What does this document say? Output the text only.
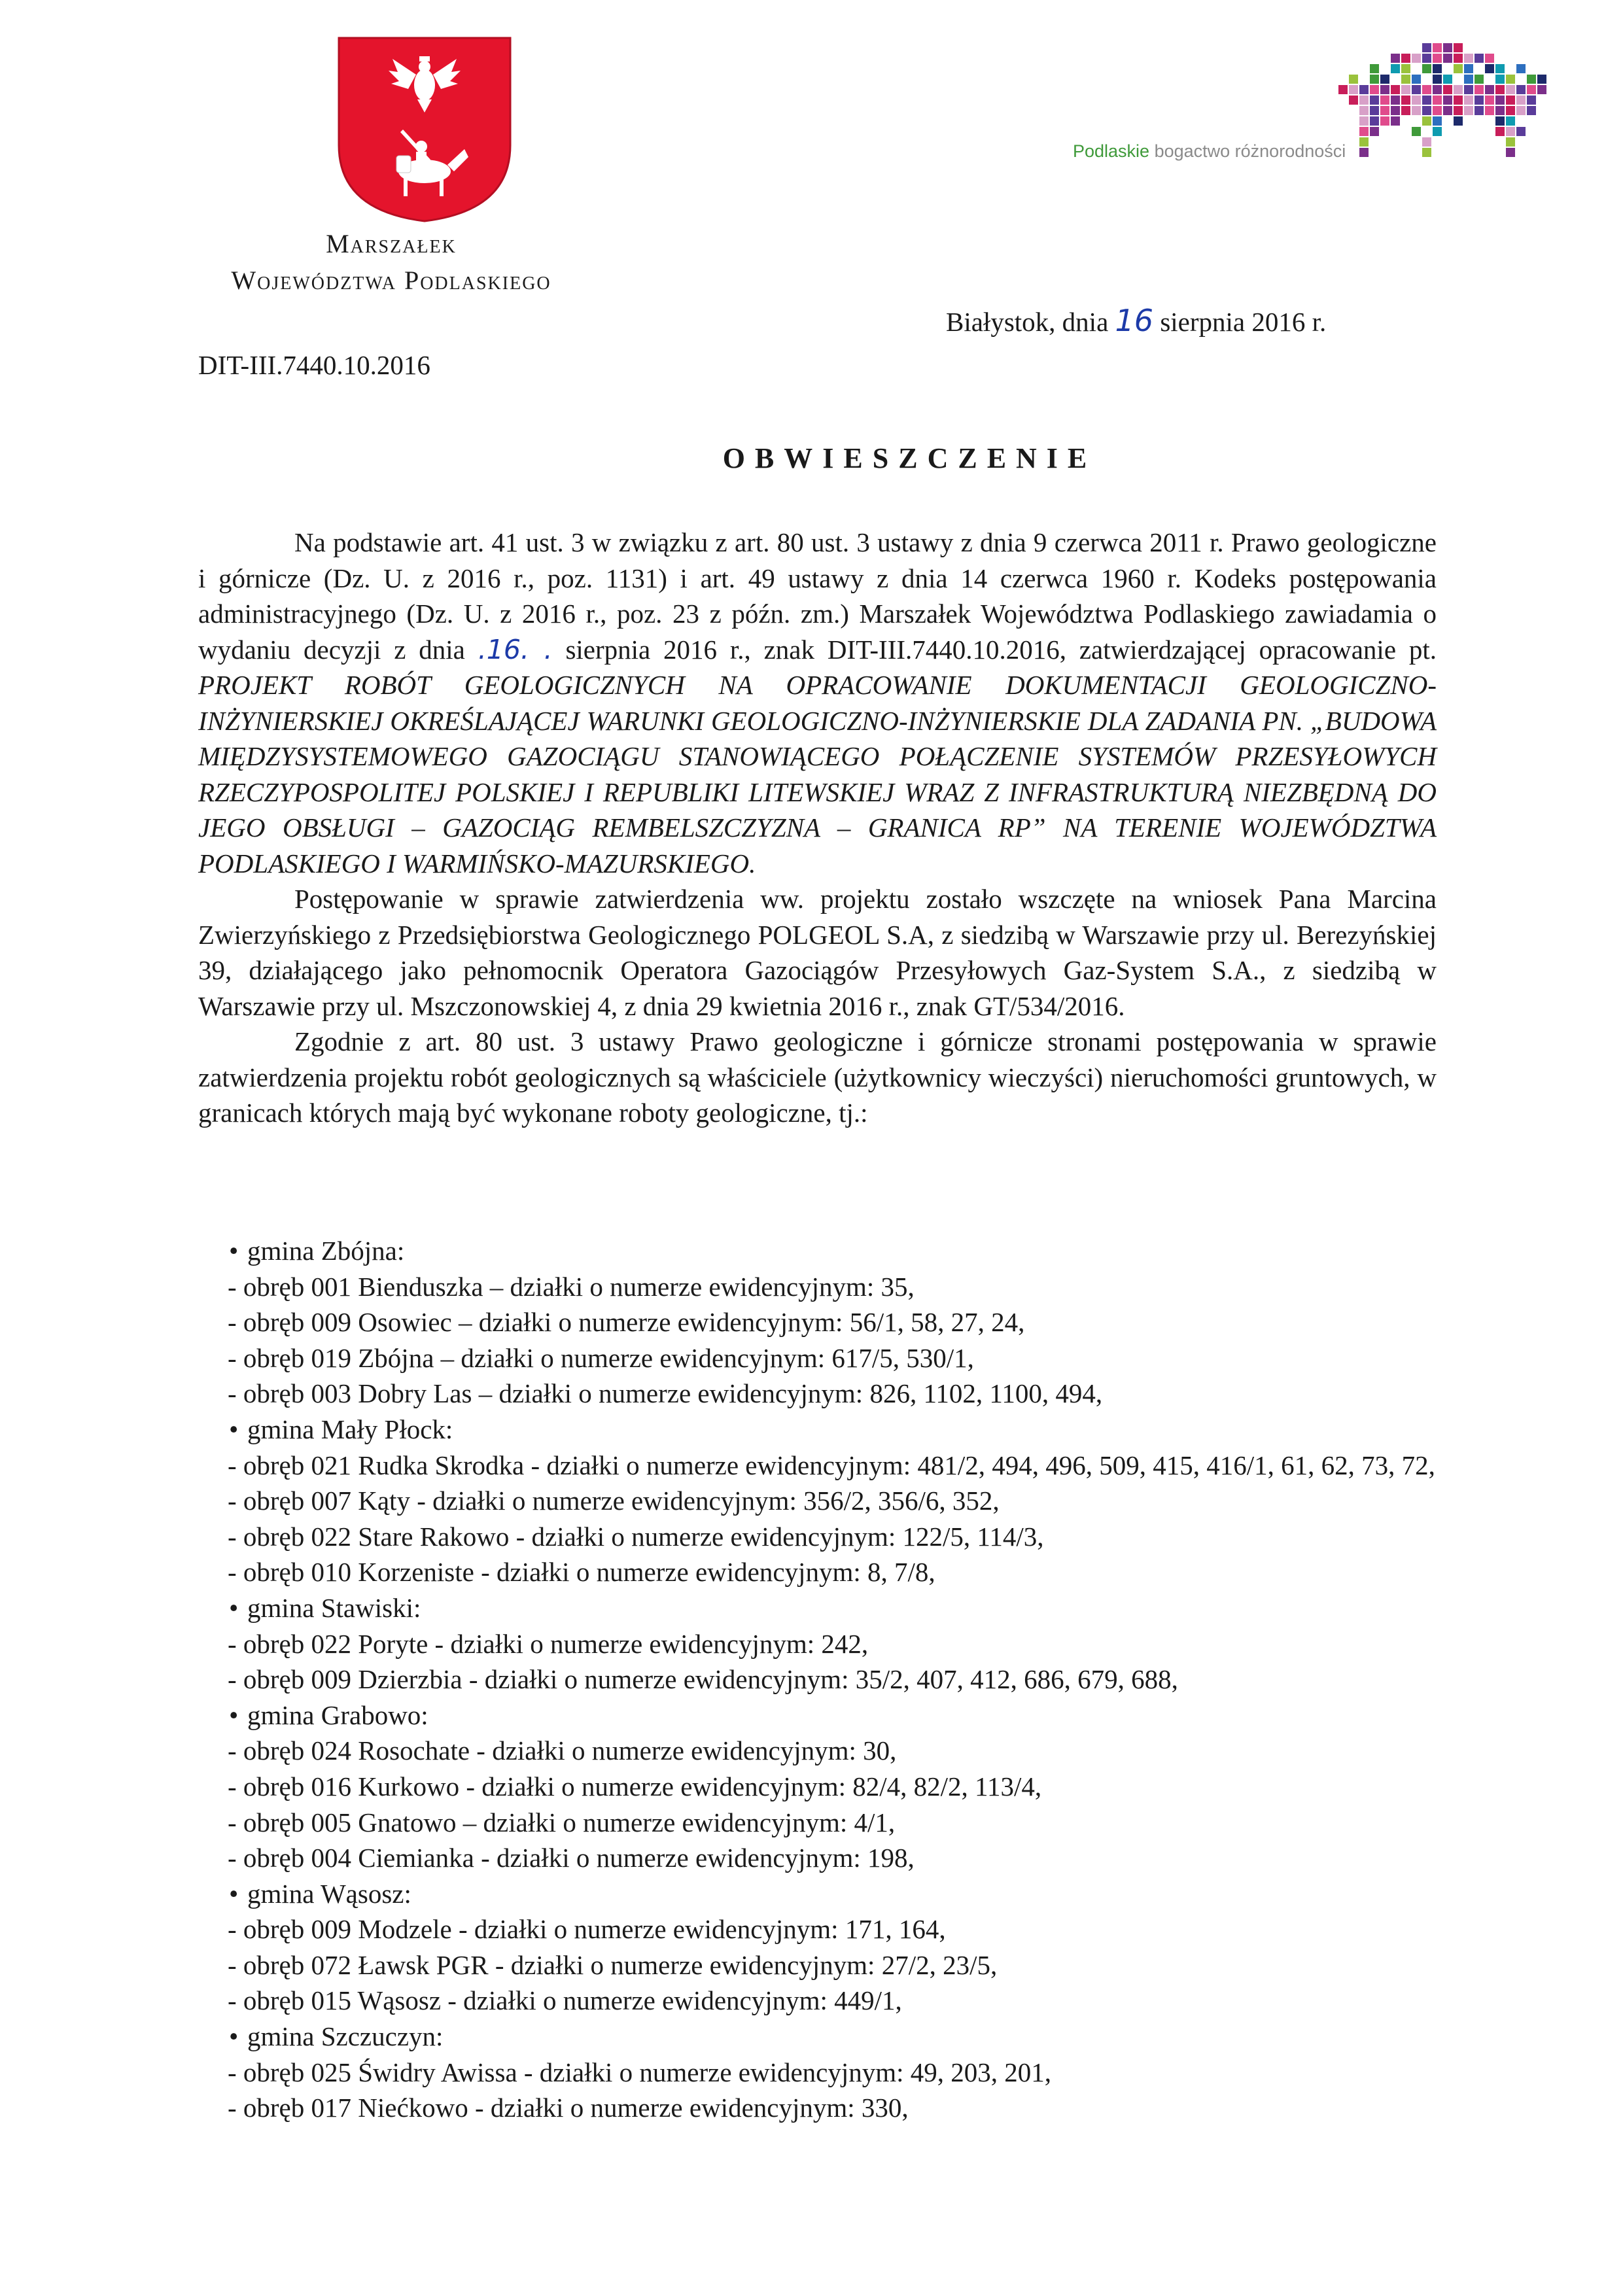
Marszałek
Województwa Podlaskiego
Podlaskie bogactwo różnorodności
Białystok, dnia 16 sierpnia 2016 r.
DIT-III.7440.10.2016
OBWIESZCZENIE

Na podstawie art. 41 ust. 3 w związku z art. 80 ust. 3 ustawy z dnia 9 czerwca 2011 r. Prawo geologiczne i górnicze (Dz. U. z 2016 r., poz. 1131) i art. 49 ustawy z dnia 14 czerwca 1960 r. Kodeks postępowania administracyjnego (Dz. U. z 2016 r., poz. 23 z późn. zm.) Marszałek Województwa Podlaskiego zawiadamia o wydaniu decyzji z dnia .16. . sierpnia 2016 r., znak DIT-III.7440.10.2016, zatwierdzającej opracowanie pt. PROJEKT ROBÓT GEOLOGICZNYCH NA OPRACOWANIE DOKUMENTACJI GEOLOGICZNO-INŻYNIERSKIEJ OKREŚLAJĄCEJ WARUNKI GEOLOGICZNO-INŻYNIERSKIE DLA ZADANIA PN. „BUDOWA MIĘDZYSYSTEMOWEGO GAZOCIĄGU STANOWIĄCEGO POŁĄCZENIE SYSTEMÓW PRZESYŁOWYCH RZECZYPOSPOLITEJ POLSKIEJ I REPUBLIKI LITEWSKIEJ WRAZ Z INFRASTRUKTURĄ NIEZBĘDNĄ DO JEGO OBSŁUGI – GAZOCIĄG REMBELSZCZYZNA – GRANICA RP” NA TERENIE WOJEWÓDZTWA PODLASKIEGO I WARMIŃSKO-MAZURSKIEGO.

Postępowanie w sprawie zatwierdzenia ww. projektu zostało wszczęte na wniosek Pana Marcina Zwierzyńskiego z Przedsiębiorstwa Geologicznego POLGEOL S.A, z siedzibą w Warszawie przy ul. Berezyńskiej 39, działającego jako pełnomocnik Operatora Gazociągów Przesyłowych Gaz-System S.A., z siedzibą w Warszawie przy ul. Mszczonowskiej 4, z dnia 29 kwietnia 2016 r., znak GT/534/2016.

Zgodnie z art. 80 ust. 3 ustawy Prawo geologiczne i górnicze stronami postępowania w sprawie zatwierdzenia projektu robót geologicznych są właściciele (użytkownicy wieczyści) nieruchomości gruntowych, w granicach których mają być wykonane roboty geologiczne, tj.:

• gmina Zbójna:
- obręb 001 Bienduszka – działki o numerze ewidencyjnym: 35,
- obręb 009 Osowiec – działki o numerze ewidencyjnym: 56/1, 58, 27, 24,
- obręb 019 Zbójna – działki o numerze ewidencyjnym: 617/5, 530/1,
- obręb 003 Dobry Las – działki o numerze ewidencyjnym: 826, 1102, 1100, 494,
• gmina Mały Płock:
- obręb 021 Rudka Skrodka - działki o numerze ewidencyjnym: 481/2, 494, 496, 509, 415, 416/1, 61, 62, 73, 72,
- obręb 007 Kąty - działki o numerze ewidencyjnym: 356/2, 356/6, 352,
- obręb 022 Stare Rakowo - działki o numerze ewidencyjnym: 122/5, 114/3,
- obręb 010 Korzeniste - działki o numerze ewidencyjnym: 8, 7/8,
• gmina Stawiski:
- obręb 022 Poryte - działki o numerze ewidencyjnym: 242,
- obręb 009 Dzierzbia - działki o numerze ewidencyjnym: 35/2, 407, 412, 686, 679, 688,
• gmina Grabowo:
- obręb 024 Rosochate - działki o numerze ewidencyjnym: 30,
- obręb 016 Kurkowo - działki o numerze ewidencyjnym: 82/4, 82/2, 113/4,
- obręb 005 Gnatowo – działki o numerze ewidencyjnym: 4/1,
- obręb 004 Ciemianka - działki o numerze ewidencyjnym: 198,
• gmina Wąsosz:
- obręb 009 Modzele - działki o numerze ewidencyjnym: 171, 164,
- obręb 072 Ławsk PGR - działki o numerze ewidencyjnym: 27/2, 23/5,
- obręb 015 Wąsosz - działki o numerze ewidencyjnym: 449/1,
• gmina Szczuczyn:
- obręb 025 Świdry Awissa - działki o numerze ewidencyjnym: 49, 203, 201,
- obręb 017 Niećkowo - działki o numerze ewidencyjnym: 330,
